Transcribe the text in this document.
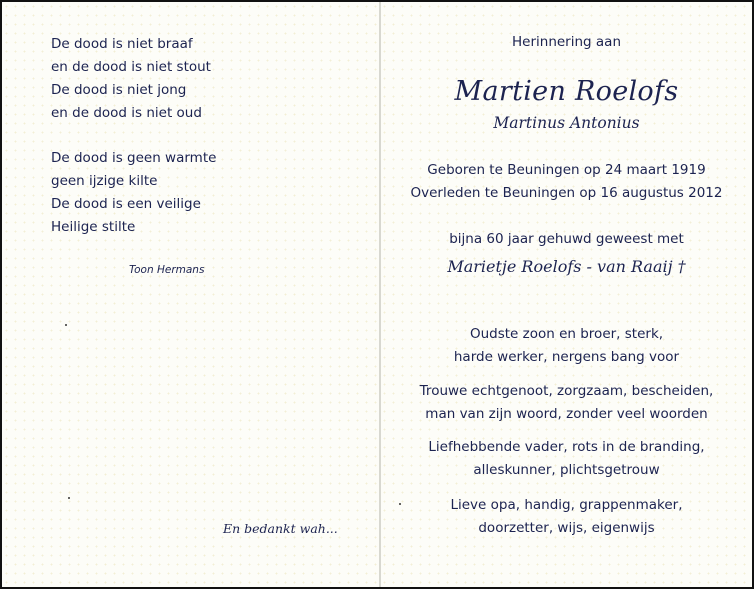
De dood is niet braaf
en de dood is niet stout
De dood is niet jong
en de dood is niet oud
De dood is geen warmte
geen ijzige kilte
De dood is een veilige
Heilige stilte
Toon Hermans
En bedankt wah...
Herinnering aan
Martien Roelofs
Martinus Antonius
Geboren te Beuningen op 24 maart 1919
Overleden te Beuningen op 16 augustus 2012
bijna 60 jaar gehuwd geweest met
Marietje Roelofs - van Raaij †
Oudste zoon en broer, sterk,
harde werker, nergens bang voor
Trouwe echtgenoot, zorgzaam, bescheiden,
man van zijn woord, zonder veel woorden
Liefhebbende vader, rots in de branding,
alleskunner, plichtsgetrouw
Lieve opa, handig, grappenmaker,
doorzetter, wijs, eigenwijs
